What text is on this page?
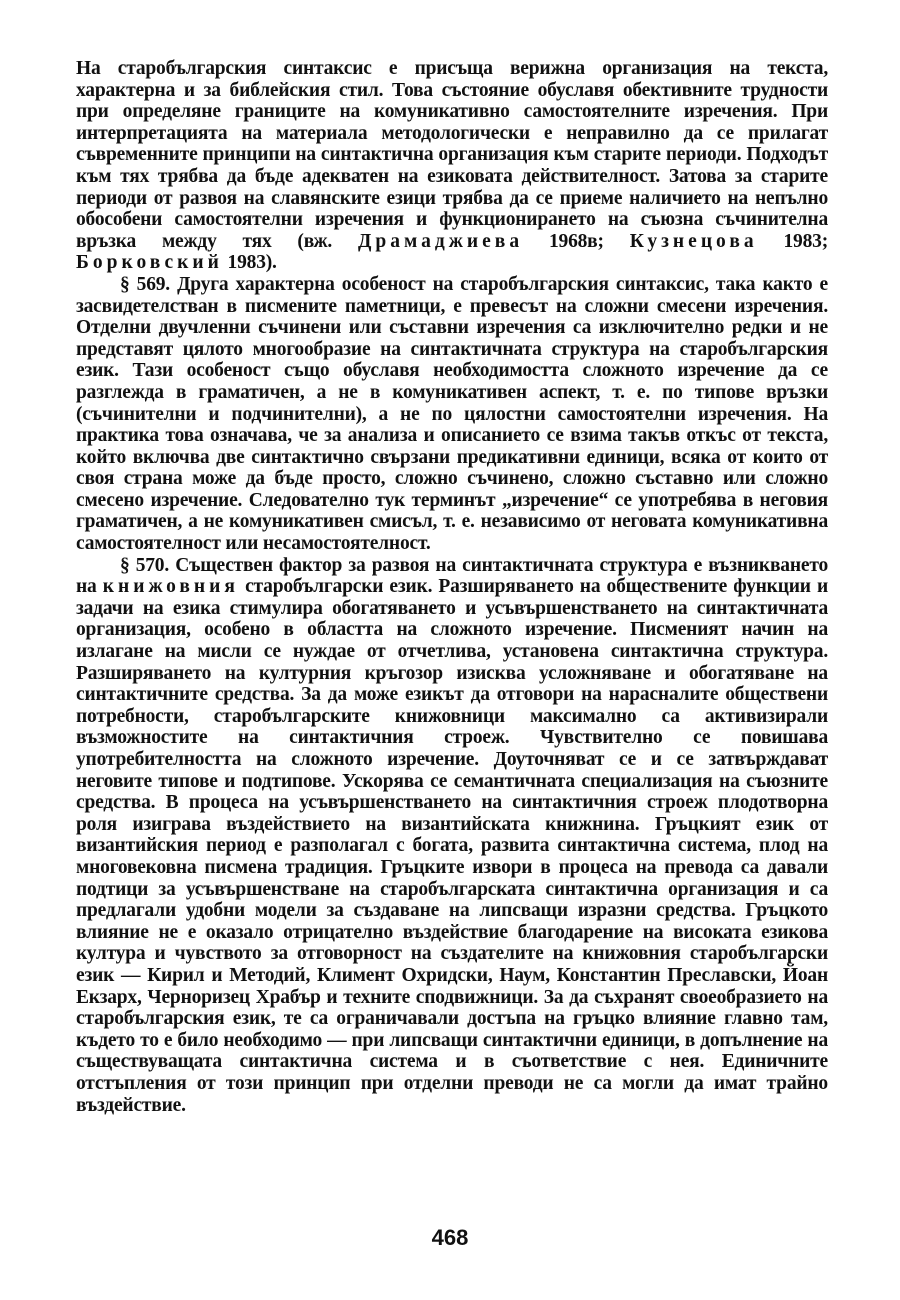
На старобългарския синтаксис е присъща верижна организация на текста, характерна и за библейския стил. Това състояние обуславя обективните трудности при определяне границите на комуникативно самостоятелните изречения. При интерпретацията на материала методологически е неправилно да се прилагат съвременните принципи на синтактична организация към старите периоди. Подходът към тях трябва да бъде адекватен на езиковата действителност. Затова за старите периоди от развоя на славянските езици трябва да се приеме наличието на непълно обособени самостоятелни изречения и функционирането на съюзна съчинителна връзка между тях (вж. Драмаджиева 1968в; Кузнецова 1983; Борковский 1983).

§ 569. Друга характерна особеност на старобългарския синтаксис, така както е засвидетелстван в писмените паметници, е превесът на сложни смесени изречения. Отделни двучленни съчинени или съставни изречения са изключително редки и не представят цялото многообразие на синтактичната структура на старобългарския език. Тази особеност също обуславя необходимостта сложното изречение да се разглежда в граматичен, а не в комуникативен аспект, т. е. по типове връзки (съчинителни и подчинителни), а не по цялостни самостоятелни изречения. На практика това означава, че за анализа и описанието се взима такъв откъс от текста, който включва две синтактично свързани предикативни единици, всяка от които от своя страна може да бъде просто, сложно съчинено, сложно съставно или сложно смесено изречение. Следователно тук терминът „изречение“ се употребява в неговия граматичен, а не комуникативен смисъл, т. е. независимо от неговата комуникативна самостоятелност или несамостоятелност.

§ 570. Съществен фактор за развоя на синтактичната структура е възникването на книжовния старобългарски език. Разширяването на обществените функции и задачи на езика стимулира обогатяването и усъвършенстването на синтактичната организация, особено в областта на сложното изречение. Писменият начин на излагане на мисли се нуждае от отчетлива, установена синтактична структура. Разширяването на културния кръгозор изисква усложняване и обогатяване на синтактичните средства. За да може езикът да отговори на нарасналите обществени потребности, старобългарските книжовници максимално са активизирали възможностите на синтактичния строеж. Чувствително се повишава употребителността на сложното изречение. Доуточняват се и се затвърждават неговите типове и подтипове. Ускорява се семантичната специализация на съюзните средства. В процеса на усъвършенстването на синтактичния строеж плодотворна роля изиграва въздействието на византийската книжнина. Гръцкият език от византийския период е разполагал с богата, развита синтактична система, плод на многовековна писмена традиция. Гръцките извори в процеса на превода са давали подтици за усъвършенстване на старобългарската синтактична организация и са предлагали удобни модели за създаване на липсващи изразни средства. Гръцкото влияние не е оказало отрицателно въздействие благодарение на високата езикова култура и чувството за отговорност на създателите на книжовния старобългарски език — Кирил и Методий, Климент Охридски, Наум, Константин Преславски, Йоан Екзарх, Черноризец Храбър и техните сподвижници. За да съхранят своеобразието на старобългарския език, те са ограничавали достъпа на гръцко влияние главно там, където то е било необходимо — при липсващи синтактични единици, в допълнение на съществуващата синтактична система и в съответствие с нея. Единичните отстъпления от този принцип при отделни преводи не са могли да имат трайно въздействие.

468
